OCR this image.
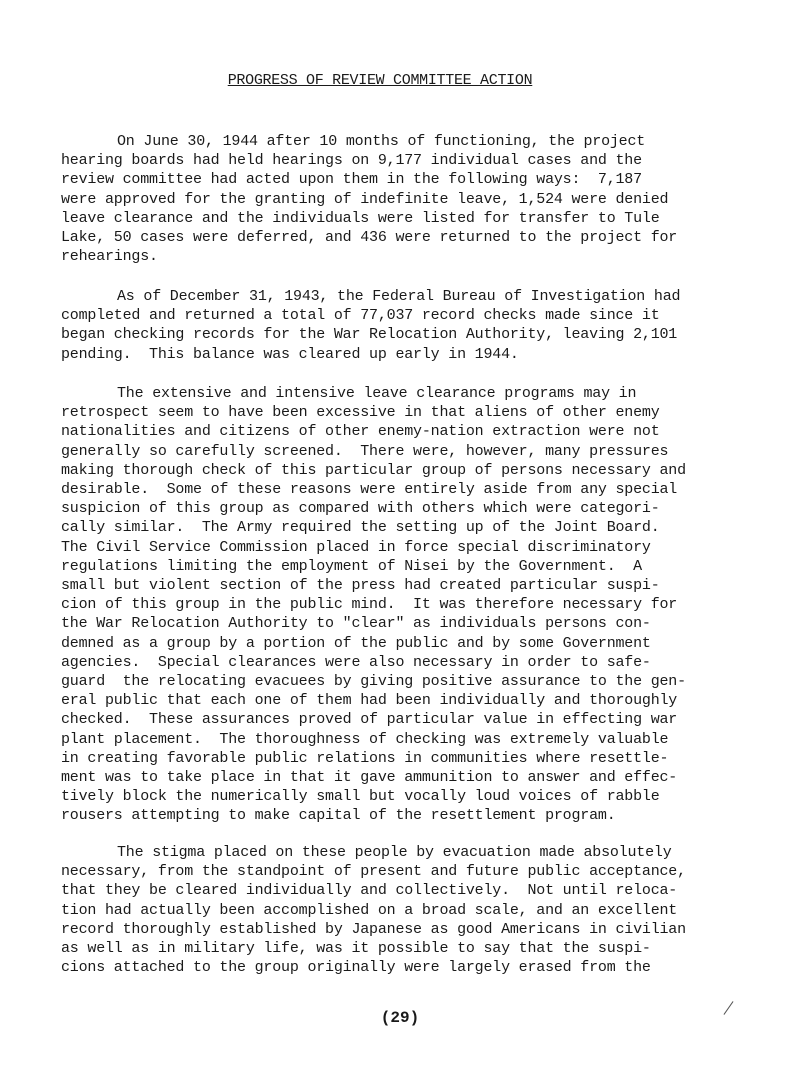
PROGRESS OF REVIEW COMMITTEE ACTION
On June 30, 1944 after 10 months of functioning, the project
hearing boards had held hearings on 9,177 individual cases and the
review committee had acted upon them in the following ways:  7,187
were approved for the granting of indefinite leave, 1,524 were denied
leave clearance and the individuals were listed for transfer to Tule
Lake, 50 cases were deferred, and 436 were returned to the project for
rehearings.
As of December 31, 1943, the Federal Bureau of Investigation had
completed and returned a total of 77,037 record checks made since it
began checking records for the War Relocation Authority, leaving 2,101
pending.  This balance was cleared up early in 1944.
The extensive and intensive leave clearance programs may in
retrospect seem to have been excessive in that aliens of other enemy
nationalities and citizens of other enemy-nation extraction were not
generally so carefully screened.  There were, however, many pressures
making thorough check of this particular group of persons necessary and
desirable.  Some of these reasons were entirely aside from any special
suspicion of this group as compared with others which were categori-
cally similar.  The Army required the setting up of the Joint Board.
The Civil Service Commission placed in force special discriminatory
regulations limiting the employment of Nisei by the Government.  A
small but violent section of the press had created particular suspi-
cion of this group in the public mind.  It was therefore necessary for
the War Relocation Authority to "clear" as individuals persons con-
demned as a group by a portion of the public and by some Government
agencies.  Special clearances were also necessary in order to safe-
guard  the relocating evacuees by giving positive assurance to the gen-
eral public that each one of them had been individually and thoroughly
checked.  These assurances proved of particular value in effecting war
plant placement.  The thoroughness of checking was extremely valuable
in creating favorable public relations in communities where resettle-
ment was to take place in that it gave ammunition to answer and effec-
tively block the numerically small but vocally loud voices of rabble
rousers attempting to make capital of the resettlement program.
The stigma placed on these people by evacuation made absolutely
necessary, from the standpoint of present and future public acceptance,
that they be cleared individually and collectively.  Not until reloca-
tion had actually been accomplished on a broad scale, and an excellent
record thoroughly established by Japanese as good Americans in civilian
as well as in military life, was it possible to say that the suspi-
cions attached to the group originally were largely erased from the
(29)
